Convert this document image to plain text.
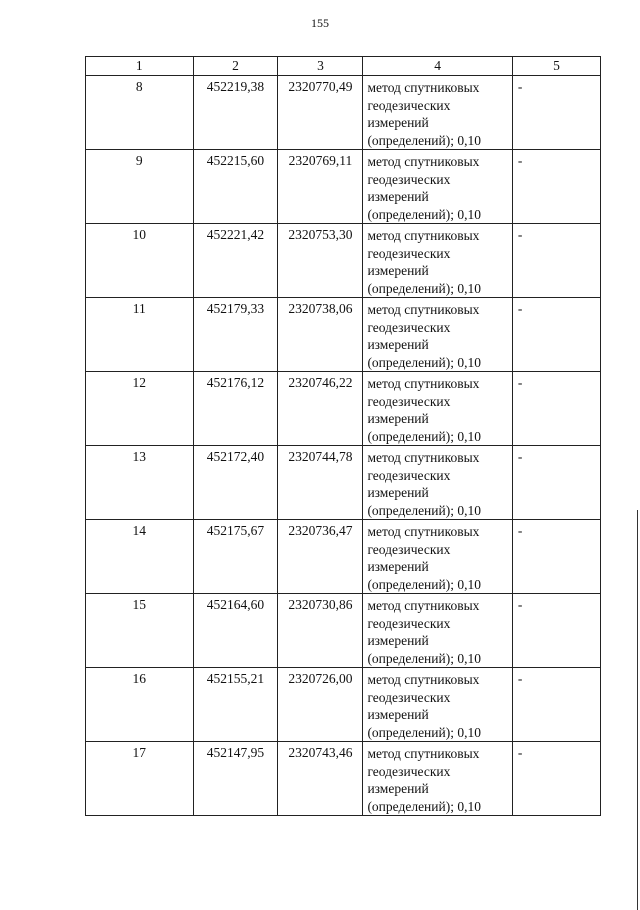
155
1	2	3	4	5
8	452219,38	2320770,49	метод спутниковых геодезических измерений (определений); 0,10	-
9	452215,60	2320769,11	метод спутниковых геодезических измерений (определений); 0,10	-
10	452221,42	2320753,30	метод спутниковых геодезических измерений (определений); 0,10	-
11	452179,33	2320738,06	метод спутниковых геодезических измерений (определений); 0,10	-
12	452176,12	2320746,22	метод спутниковых геодезических измерений (определений); 0,10	-
13	452172,40	2320744,78	метод спутниковых геодезических измерений (определений); 0,10	-
14	452175,67	2320736,47	метод спутниковых геодезических измерений (определений); 0,10	-
15	452164,60	2320730,86	метод спутниковых геодезических измерений (определений); 0,10	-
16	452155,21	2320726,00	метод спутниковых геодезических измерений (определений); 0,10	-
17	452147,95	2320743,46	метод спутниковых геодезических измерений (определений); 0,10	-
